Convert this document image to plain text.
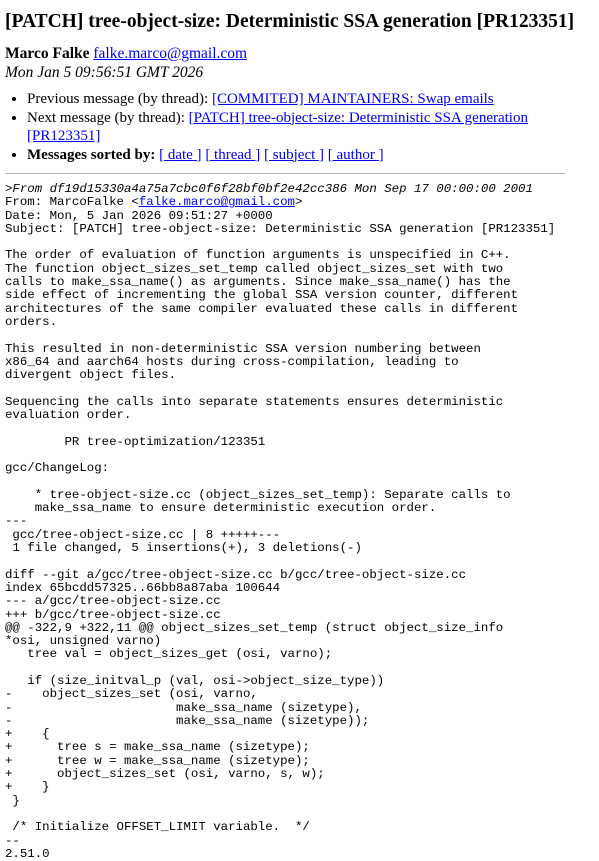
[PATCH] tree-object-size: Deterministic SSA generation [PR123351]
Marco Falke falke.marco@gmail.com
Mon Jan 5 09:56:51 GMT 2026
• Previous message (by thread): [COMMITED] MAINTAINERS: Swap emails
• Next message (by thread): [PATCH] tree-object-size: Deterministic SSA generation [PR123351]
• Messages sorted by: [ date ] [ thread ] [ subject ] [ author ]
>From df19d15330a4a75a7cbc0f6f28bf0bf2e42cc386 Mon Sep 17 00:00:00 2001
From: MarcoFalke <falke.marco@gmail.com>
Date: Mon, 5 Jan 2026 09:51:27 +0000
Subject: [PATCH] tree-object-size: Deterministic SSA generation [PR123351]
The order of evaluation of function arguments is unspecified in C++.
The function object_sizes_set_temp called object_sizes_set with two
calls to make_ssa_name() as arguments. Since make_ssa_name() has the
side effect of incrementing the global SSA version counter, different
architectures of the same compiler evaluated these calls in different
orders.
This resulted in non-deterministic SSA version numbering between
x86_64 and aarch64 hosts during cross-compilation, leading to
divergent object files.
Sequencing the calls into separate statements ensures deterministic
evaluation order.
PR tree-optimization/123351
gcc/ChangeLog:
* tree-object-size.cc (object_sizes_set_temp): Separate calls to
make_ssa_name to ensure deterministic execution order.
---
gcc/tree-object-size.cc | 8 +++++---
1 file changed, 5 insertions(+), 3 deletions(-)
diff --git a/gcc/tree-object-size.cc b/gcc/tree-object-size.cc
index 65bcdd57325..66bb8a87aba 100644
--- a/gcc/tree-object-size.cc
+++ b/gcc/tree-object-size.cc
@@ -322,9 +322,11 @@ object_sizes_set_temp (struct object_size_info
*osi, unsigned varno)
tree val = object_sizes_get (osi, varno);

if (size_initval_p (val, osi->object_size_type))
-    object_sizes_set (osi, varno,
-                      make_ssa_name (sizetype),
-                      make_ssa_name (sizetype));
+    {
+      tree s = make_ssa_name (sizetype);
+      tree w = make_ssa_name (sizetype);
+      object_sizes_set (osi, varno, s, w);
+    }
}

/* Initialize OFFSET_LIMIT variable.  */
--
2.51.0
